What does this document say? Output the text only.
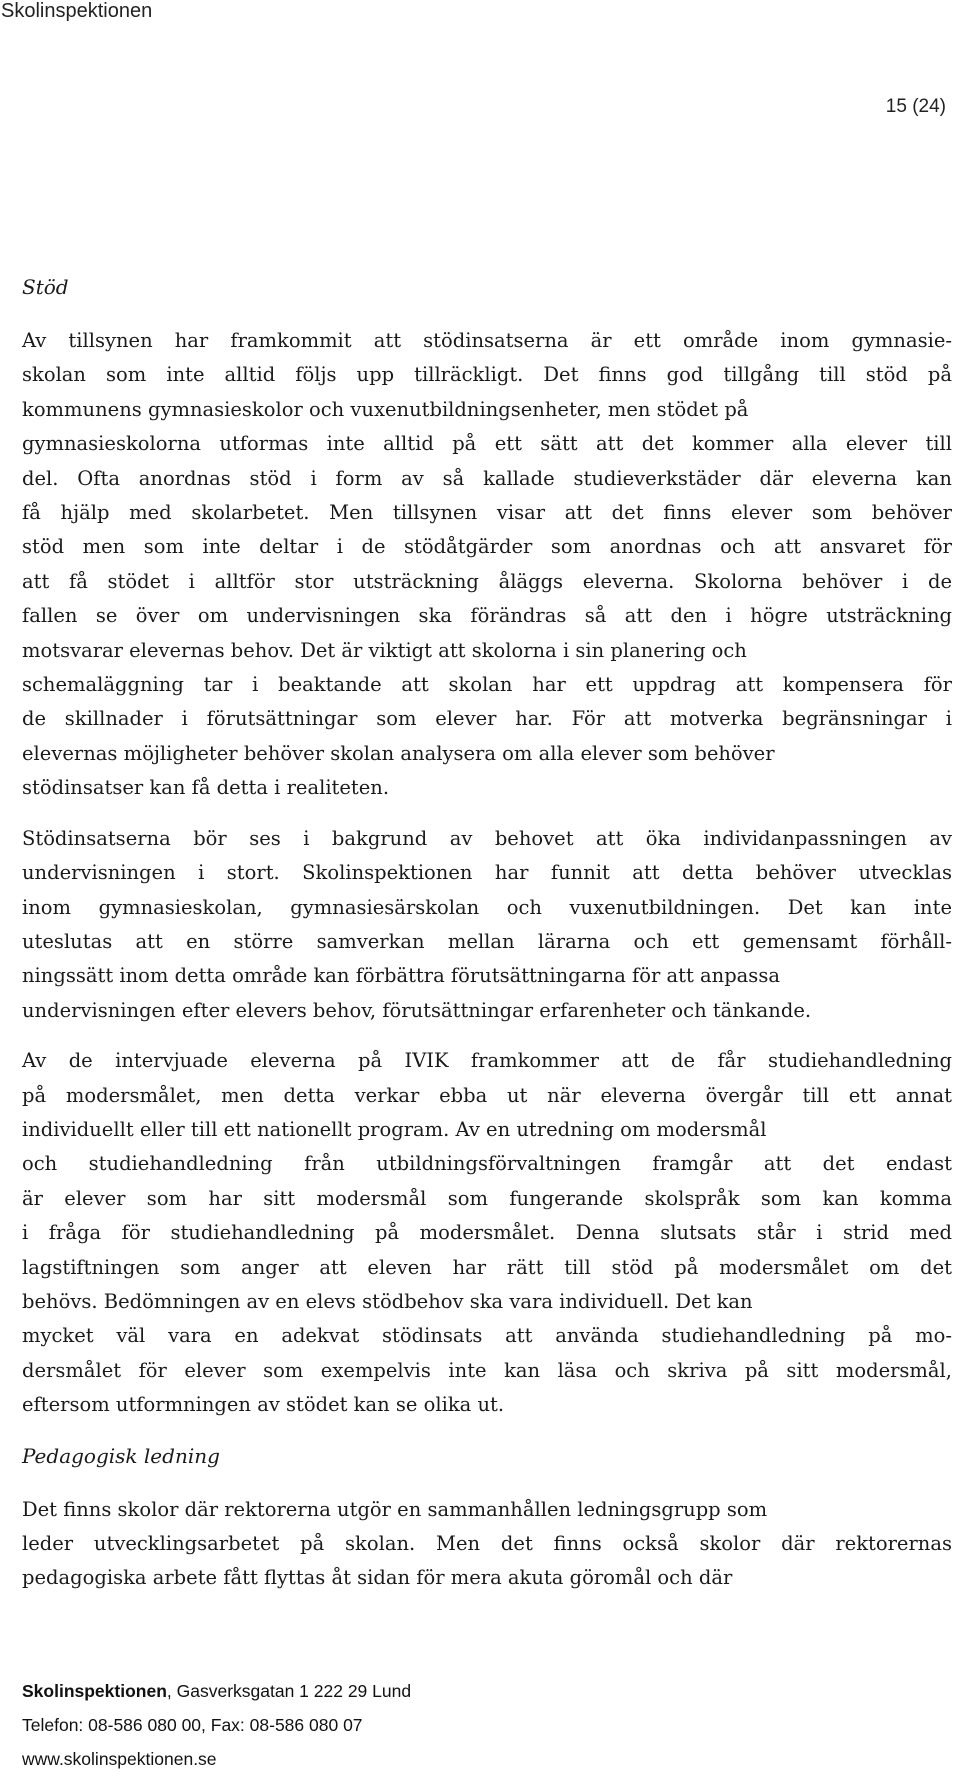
Skolinspektionen
15 (24)
Stöd
Av tillsynen har framkommit att stödinsatserna är ett område inom gymnasie-
skolan som inte alltid följs upp tillräckligt. Det finns god tillgång till stöd på
kommunens gymnasieskolor och vuxenutbildningsenheter, men stödet på
gymnasieskolorna utformas inte alltid på ett sätt att det kommer alla elever till
del. Ofta anordnas stöd i form av så kallade studieverkstäder där eleverna kan
få hjälp med skolarbetet. Men tillsynen visar att det finns elever som behöver
stöd men som inte deltar i de stödåtgärder som anordnas och att ansvaret för
att få stödet i alltför stor utsträckning åläggs eleverna. Skolorna behöver i de
fallen se över om undervisningen ska förändras så att den i högre utsträckning
motsvarar elevernas behov. Det är viktigt att skolorna i sin planering och
schemaläggning tar i beaktande att skolan har ett uppdrag att kompensera för
de skillnader i förutsättningar som elever har. För att motverka begränsningar i
elevernas möjligheter behöver skolan analysera om alla elever som behöver
stödinsatser kan få detta i realiteten.
Stödinsatserna bör ses i bakgrund av behovet att öka individanpassningen av
undervisningen i stort. Skolinspektionen har funnit att detta behöver utvecklas
inom gymnasieskolan, gymnasiesärskolan och vuxenutbildningen. Det kan inte
uteslutas att en större samverkan mellan lärarna och ett gemensamt förhåll-
ningssätt inom detta område kan förbättra förutsättningarna för att anpassa
undervisningen efter elevers behov, förutsättningar erfarenheter och tänkande.
Av de intervjuade eleverna på IVIK framkommer att de får studiehandledning
på modersmålet, men detta verkar ebba ut när eleverna övergår till ett annat
individuellt eller till ett nationellt program. Av en utredning om modersmål
och studiehandledning från utbildningsförvaltningen framgår att det endast
är elever som har sitt modersmål som fungerande skolspråk som kan komma
i fråga för studiehandledning på modersmålet. Denna slutsats står i strid med
lagstiftningen som anger att eleven har rätt till stöd på modersmålet om det
behövs. Bedömningen av en elevs stödbehov ska vara individuell. Det kan
mycket väl vara en adekvat stödinsats att använda studiehandledning på mo-
dersmålet för elever som exempelvis inte kan läsa och skriva på sitt modersmål,
eftersom utformningen av stödet kan se olika ut.
Pedagogisk ledning
Det finns skolor där rektorerna utgör en sammanhållen ledningsgrupp som
leder utvecklingsarbetet på skolan. Men det finns också skolor där rektorernas
pedagogiska arbete fått flyttas åt sidan för mera akuta göromål och där
Skolinspektionen, Gasverksgatan 1 222 29 Lund
Telefon: 08-586 080 00, Fax: 08-586 080 07
www.skolinspektionen.se
